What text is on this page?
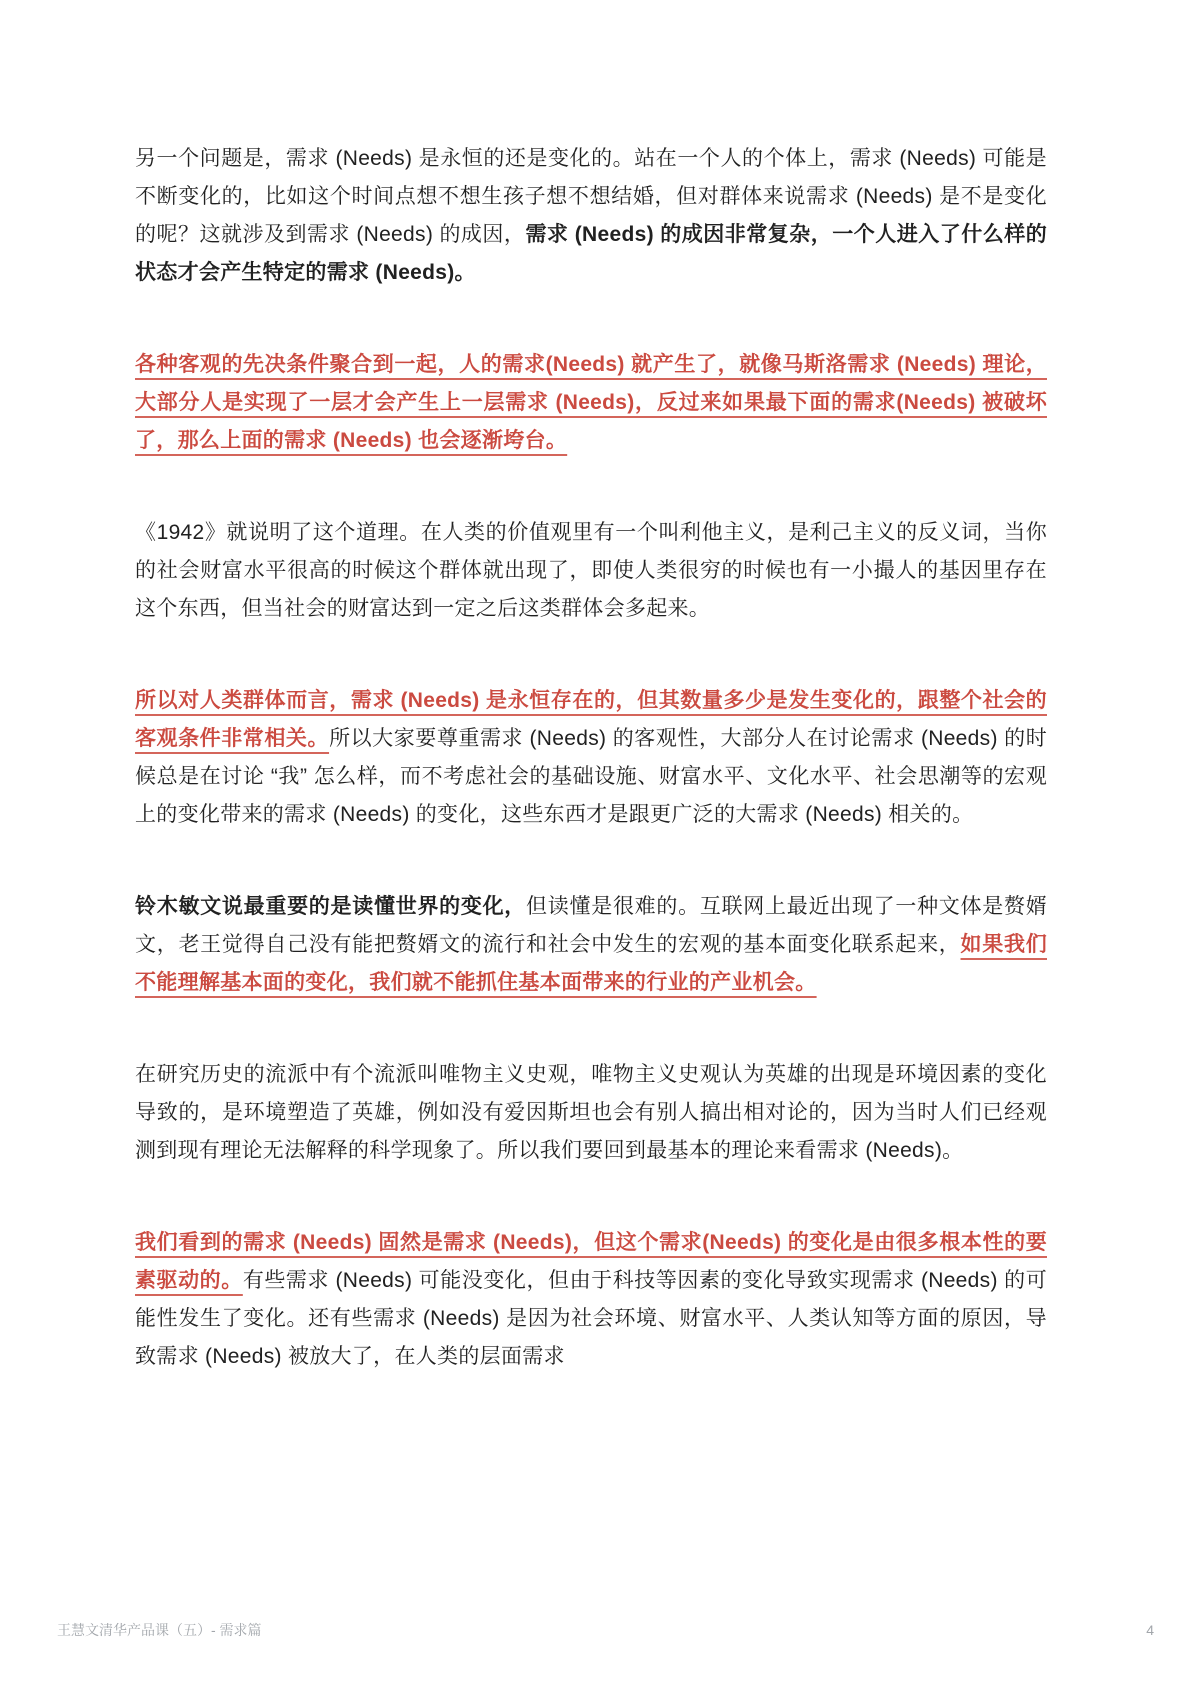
另一个问题是，需求 (Needs) 是永恒的还是变化的。站在一个人的个体上，需求 (Needs) 可能是不断变化的，比如这个时间点想不想生孩子想不想结婚，但对群体来说需求 (Needs) 是不是变化的呢？这就涉及到需求 (Needs) 的成因，需求 (Needs) 的成因非常复杂，一个人进入了什么样的状态才会产生特定的需求 (Needs)。

各种客观的先决条件聚合到一起，人的需求(Needs) 就产生了，就像马斯洛需求 (Needs) 理论，大部分人是实现了一层才会产生上一层需求 (Needs)，反过来如果最下面的需求(Needs) 被破坏了，那么上面的需求 (Needs) 也会逐渐垮台。

《1942》就说明了这个道理。在人类的价值观里有一个叫利他主义，是利己主义的反义词，当你的社会财富水平很高的时候这个群体就出现了，即使人类很穷的时候也有一小撮人的基因里存在这个东西，但当社会的财富达到一定之后这类群体会多起来。

所以对人类群体而言，需求 (Needs) 是永恒存在的，但其数量多少是发生变化的，跟整个社会的客观条件非常相关。所以大家要尊重需求 (Needs) 的客观性，大部分人在讨论需求 (Needs) 的时候总是在讨论 “我” 怎么样，而不考虑社会的基础设施、财富水平、文化水平、社会思潮等的宏观上的变化带来的需求 (Needs) 的变化，这些东西才是跟更广泛的大需求 (Needs) 相关的。

铃木敏文说最重要的是读懂世界的变化，但读懂是很难的。互联网上最近出现了一种文体是赘婿文，老王觉得自己没有能把赘婿文的流行和社会中发生的宏观的基本面变化联系起来，如果我们不能理解基本面的变化，我们就不能抓住基本面带来的行业的产业机会。

在研究历史的流派中有个流派叫唯物主义史观，唯物主义史观认为英雄的出现是环境因素的变化导致的，是环境塑造了英雄，例如没有爱因斯坦也会有别人搞出相对论的，因为当时人们已经观测到现有理论无法解释的科学现象了。所以我们要回到最基本的理论来看需求 (Needs)。

我们看到的需求 (Needs) 固然是需求 (Needs)，但这个需求(Needs) 的变化是由很多根本性的要素驱动的。有些需求 (Needs) 可能没变化，但由于科技等因素的变化导致实现需求 (Needs) 的可能性发生了变化。还有些需求 (Needs) 是因为社会环境、财富水平、人类认知等方面的原因，导致需求 (Needs) 被放大了，在人类的层面需求

王慧文清华产品课（五）- 需求篇	4
